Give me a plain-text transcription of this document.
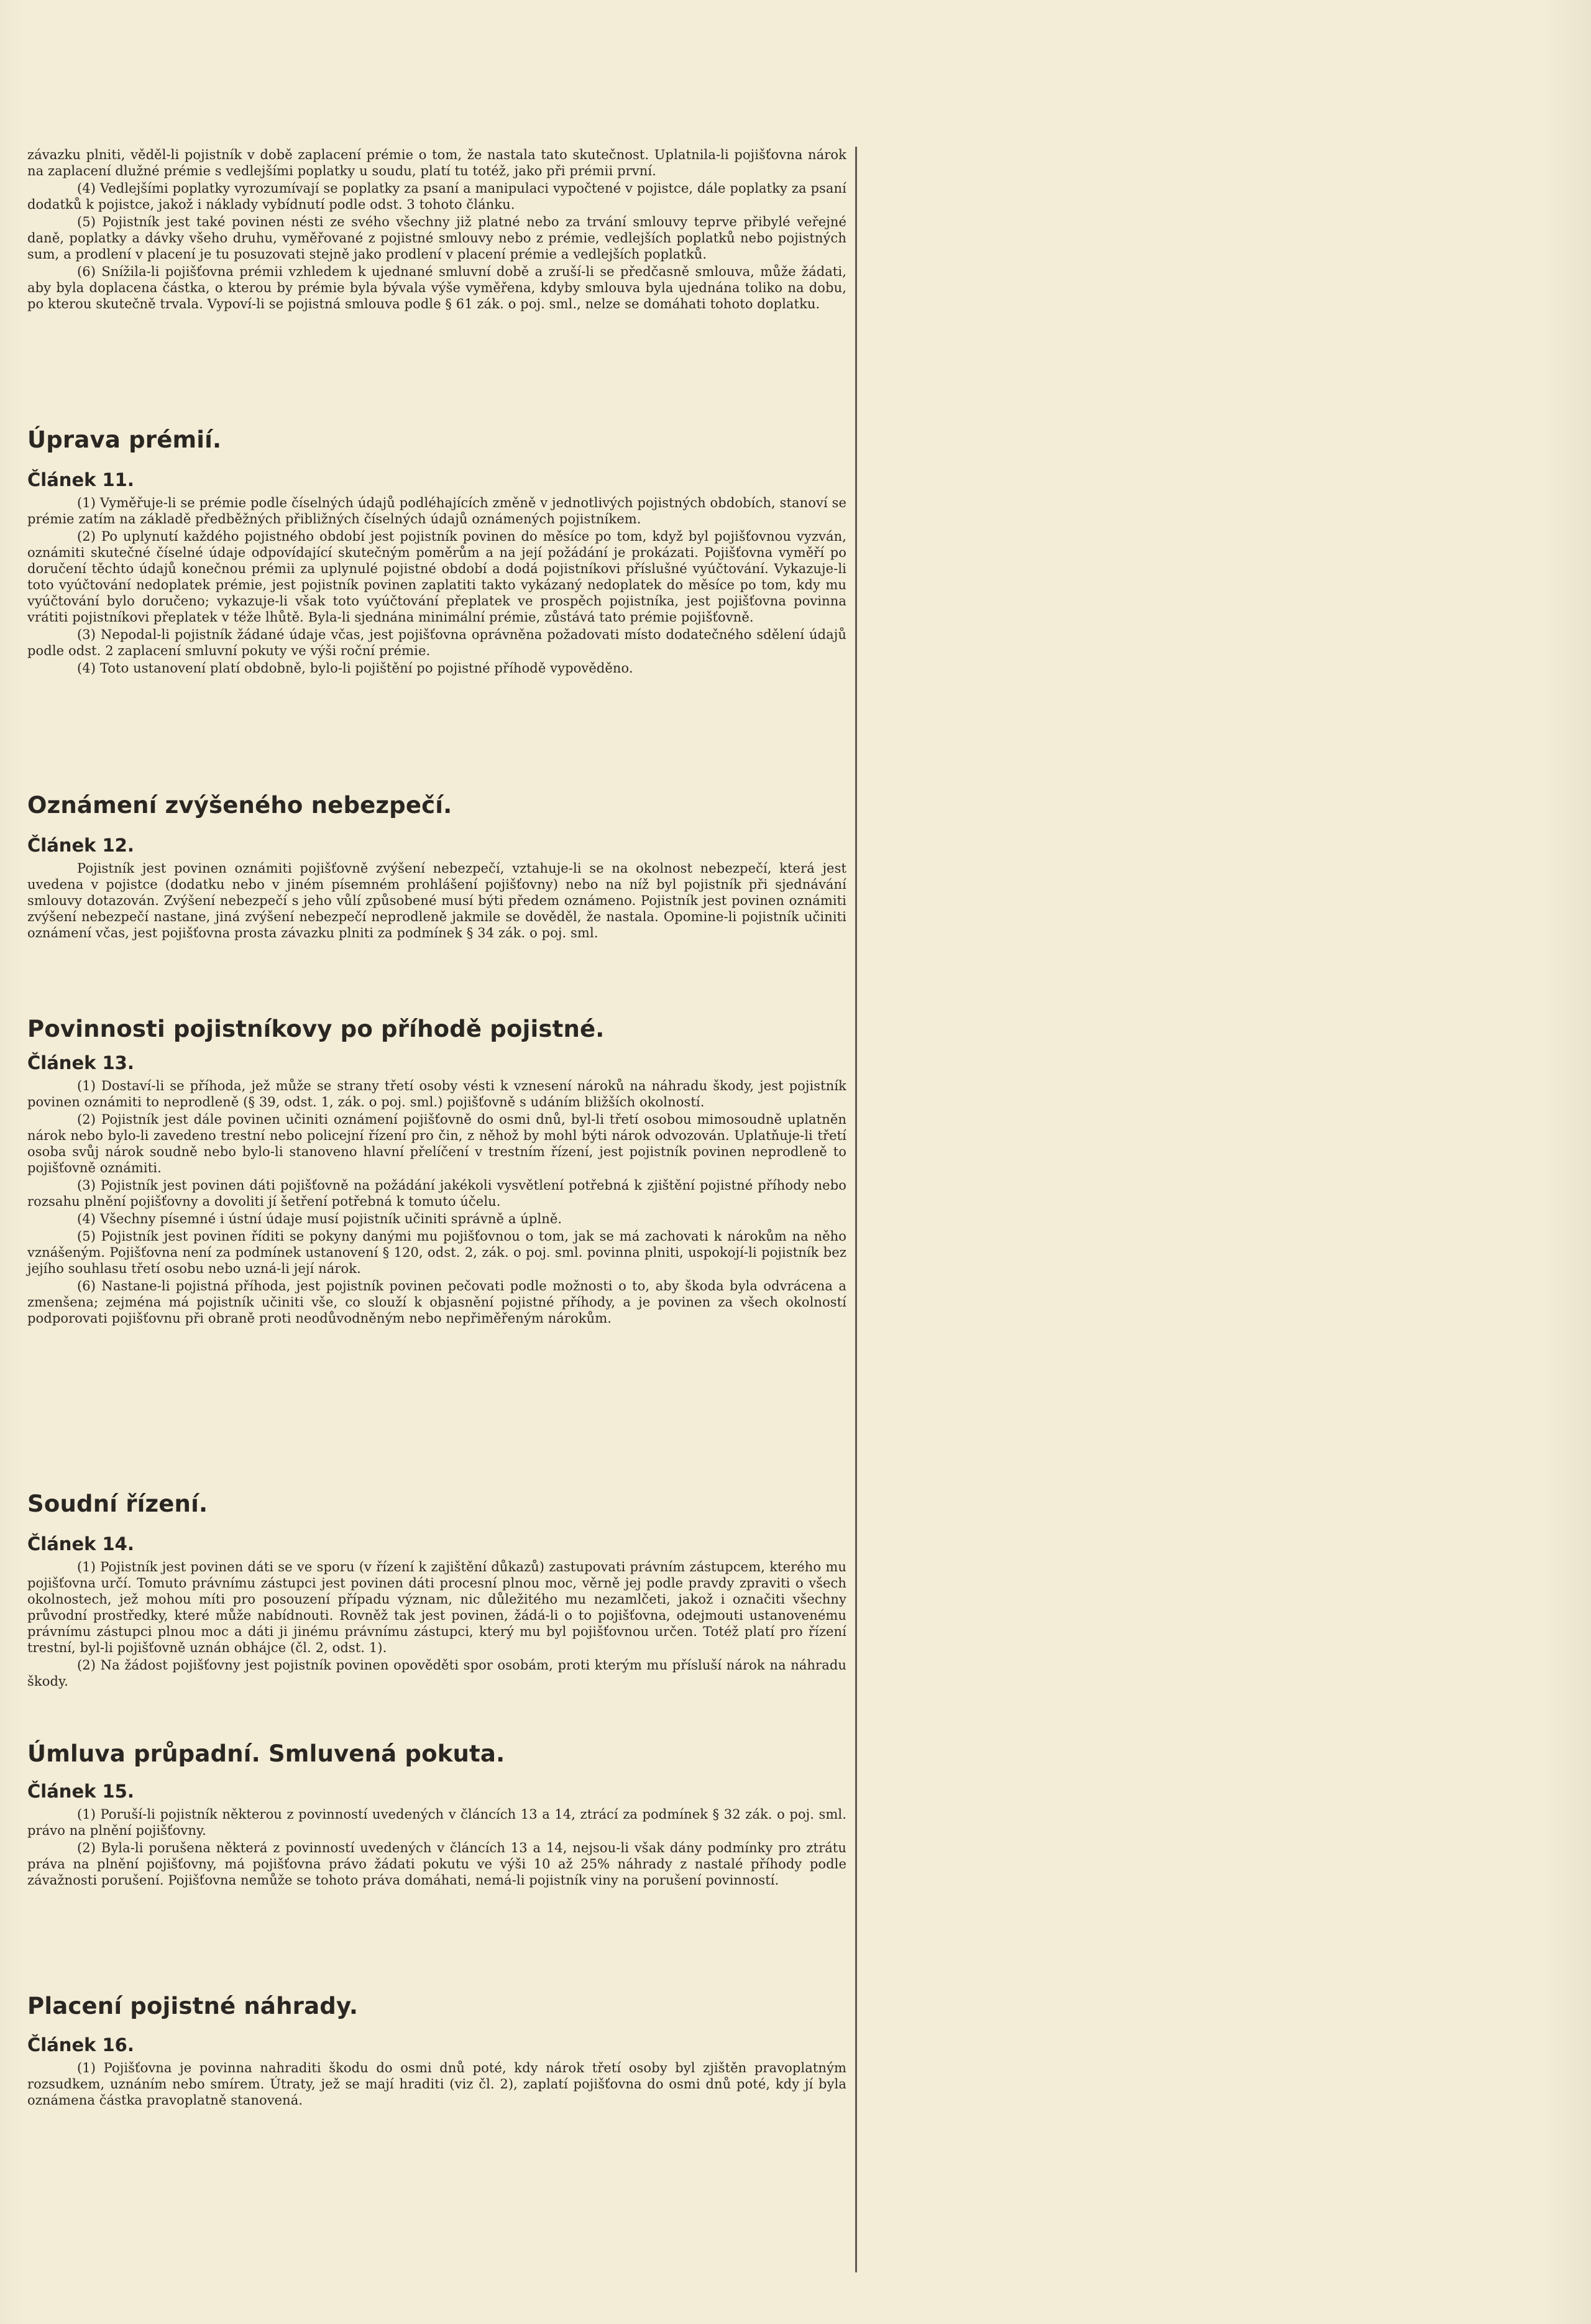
závazku plniti, věděl-li pojistník v době zaplacení prémie o tom, že nastala tato skutečnost. Uplatnila-li pojišťovna nárok na zaplacení dlužné prémie s vedlejšími poplatky u soudu, platí tu totéž, jako při prémii první.

(4) Vedlejšími poplatky vyrozumívají se poplatky za psaní a manipulaci vypočtené v pojistce, dále poplatky za psaní dodatků k pojistce, jakož i náklady vybídnutí podle odst. 3 tohoto článku.

(5) Pojistník jest také povinen nésti ze svého všechny již platné nebo za trvání smlouvy teprve přibylé veřejné daně, poplatky a dávky všeho druhu, vyměřované z pojistné smlouvy nebo z prémie, vedlejších poplatků nebo pojistných sum, a prodlení v placení je tu posuzovati stejně jako prodlení v placení prémie a vedlejších poplatků.

(6) Snížila-li pojišťovna prémii vzhledem k ujednané smluvní době a zruší-li se předčasně smlouva, může žádati, aby byla doplacena částka, o kterou by prémie byla bývala výše vyměřena, kdyby smlouva byla ujednána toliko na dobu, po kterou skutečně trvala. Vypoví-li se pojistná smlouva podle § 61 zák. o poj. sml., nelze se domáhati tohoto doplatku.

Úprava prémií.
Článek 11.

(1) Vyměřuje-li se prémie podle číselných údajů podléhajících změně v jednotlivých pojistných obdobích, stanoví se prémie zatím na základě předběžných přibližných číselných údajů oznámených pojistníkem.

(2) Po uplynutí každého pojistného období jest pojistník povinen do měsíce po tom, když byl pojišťovnou vyzván, oznámiti skutečné číselné údaje odpovídající skutečným poměrům a na její požádání je prokázati. Pojišťovna vyměří po doručení těchto údajů konečnou prémii za uplynulé pojistné období a dodá pojistníkovi příslušné vyúčtování. Vykazuje-li toto vyúčtování nedoplatek prémie, jest pojistník povinen zaplatiti takto vykázaný nedoplatek do měsíce po tom, kdy mu vyúčtování bylo doručeno; vykazuje-li však toto vyúčtování přeplatek ve prospěch pojistníka, jest pojišťovna povinna vrátiti pojistníkovi přeplatek v téže lhůtě. Byla-li sjednána minimální prémie, zůstává tato prémie pojišťovně.

(3) Nepodal-li pojistník žádané údaje včas, jest pojišťovna oprávněna požadovati místo dodatečného sdělení údajů podle odst. 2 zaplacení smluvní pokuty ve výši roční prémie.

(4) Toto ustanovení platí obdobně, bylo-li pojištění po pojistné příhodě vypověděno.

Oznámení zvýšeného nebezpečí.
Článek 12.

Pojistník jest povinen oznámiti pojišťovně zvýšení nebezpečí, vztahuje-li se na okolnost nebezpečí, která jest uvedena v pojistce (dodatku nebo v jiném písemném prohlášení pojišťovny) nebo na níž byl pojistník při sjednávání smlouvy dotazován. Zvýšení nebezpečí s jeho vůlí způsobené musí býti předem oznámeno. Pojistník jest povinen oznámiti zvýšení nebezpečí nastane, jiná zvýšení nebezpečí neprodleně jakmile se dověděl, že nastala. Opomine-li pojistník učiniti oznámení včas, jest pojišťovna prosta závazku plniti za podmínek § 34 zák. o poj. sml.

Povinnosti pojistníkovy po příhodě pojistné.
Článek 13.

(1) Dostaví-li se příhoda, jež může se strany třetí osoby vésti k vznesení nároků na náhradu škody, jest pojistník povinen oznámiti to neprodleně (§ 39, odst. 1, zák. o poj. sml.) pojišťovně s udáním bližších okolností.

(2) Pojistník jest dále povinen učiniti oznámení pojišťovně do osmi dnů, byl-li třetí osobou mimosoudně uplatněn nárok nebo bylo-li zavedeno trestní nebo policejní řízení pro čin, z něhož by mohl býti nárok odvozován. Uplatňuje-li třetí osoba svůj nárok soudně nebo bylo-li stanoveno hlavní přelíčení v trestním řízení, jest pojistník povinen neprodleně to pojišťovně oznámiti.

(3) Pojistník jest povinen dáti pojišťovně na požádání jakékoli vysvětlení potřebná k zjištění pojistné příhody nebo rozsahu plnění pojišťovny a dovoliti jí šetření potřebná k tomuto účelu.

(4) Všechny písemné i ústní údaje musí pojistník učiniti správně a úplně.

(5) Pojistník jest povinen říditi se pokyny danými mu pojišťovnou o tom, jak se má zachovati k nárokům na něho vznášeným. Pojišťovna není za podmínek ustanovení § 120, odst. 2, zák. o poj. sml. povinna plniti, uspokojí-li pojistník bez jejího souhlasu třetí osobu nebo uzná-li její nárok.

(6) Nastane-li pojistná příhoda, jest pojistník povinen pečovati podle možnosti o to, aby škoda byla odvrácena a zmenšena; zejména má pojistník učiniti vše, co slouží k objasnění pojistné příhody, a je povinen za všech okolností podporovati pojišťovnu při obraně proti neodůvodněným nebo nepřiměřeným nárokům.

Soudní řízení.
Článek 14.

(1) Pojistník jest povinen dáti se ve sporu (v řízení k zajištění důkazů) zastupovati právním zástupcem, kterého mu pojišťovna určí. Tomuto právnímu zástupci jest povinen dáti procesní plnou moc, věrně jej podle pravdy zpraviti o všech okolnostech, jež mohou míti pro posouzení případu význam, nic důležitého mu nezamlčeti, jakož i označiti všechny průvodní prostředky, které může nabídnouti. Rovněž tak jest povinen, žádá-li o to pojišťovna, odejmouti ustanovenému právnímu zástupci plnou moc a dáti ji jinému právnímu zástupci, který mu byl pojišťovnou určen. Totéž platí pro řízení trestní, byl-li pojišťovně uznán obhájce (čl. 2, odst. 1).

(2) Na žádost pojišťovny jest pojistník povinen opověděti spor osobám, proti kterým mu přísluší nárok na náhradu škody.

Úmluva průpadní. Smluvená pokuta.
Článek 15.

(1) Poruší-li pojistník některou z povinností uvedených v článcích 13 a 14, ztrácí za podmínek § 32 zák. o poj. sml. právo na plnění pojišťovny.

(2) Byla-li porušena některá z povinností uvedených v článcích 13 a 14, nejsou-li však dány podmínky pro ztrátu práva na plnění pojišťovny, má pojišťovna právo žádati pokutu ve výši 10 až 25% náhrady z nastalé příhody podle závažnosti porušení. Pojišťovna nemůže se tohoto práva domáhati, nemá-li pojistník viny na porušení povinností.

Placení pojistné náhrady.
Článek 16.

(1) Pojišťovna je povinna nahraditi škodu do osmi dnů poté, kdy nárok třetí osoby byl zjištěn pravoplatným rozsudkem, uznáním nebo smírem. Útraty, jež se mají hraditi (viz čl. 2), zaplatí pojišťovna do osmi dnů poté, kdy jí byla oznámena částka pravoplatně stanovená.
